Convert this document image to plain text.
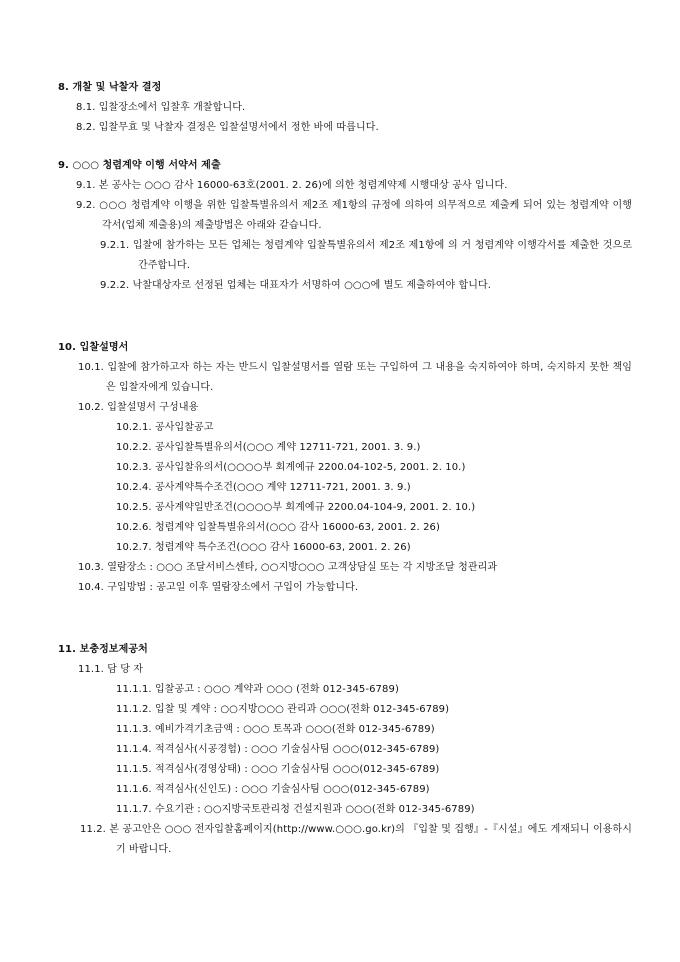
8. 개찰 및 낙찰자 결정

8.1. 입찰장소에서 입찰후 개찰합니다.

8.2. 입찰무효 및 낙찰자 결정은 입찰설명서에서 정한 바에 따릅니다.

9. ○○○ 청렴계약 이행 서약서 제출

9.1. 본 공사는 ○○○ 감사 16000-63호(2001. 2. 26)에 의한 청렴계약제 시행대상 공사 입니다.

9.2. ○○○ 청렴계약 이행을 위한 입찰특별유의서 제2조 제1항의 규정에 의하여 의무적으로 제출케 되어 있는 청렴계약 이행각서(업체 제출용)의 제출방법은 아래와 같습니다.

9.2.1. 입찰에 참가하는 모든 업체는 청렴계약 입찰특별유의서 제2조 제1항에 의 거 청렴계약 이행각서를 제출한 것으로 간주합니다.

9.2.2. 낙찰대상자로 선정된 업체는 대표자가 서명하여 ○○○에 별도 제출하여야 합니다.

10. 입찰설명서

10.1. 입찰에 참가하고자 하는 자는 반드시 입찰설명서를 열람 또는 구입하여 그 내용을 숙지하여야 하며, 숙지하지 못한 책임은 입찰자에게 있습니다.

10.2. 입찰설명서 구성내용

10.2.1. 공사입찰공고

10.2.2. 공사입찰특별유의서(○○○ 계약 12711-721, 2001. 3. 9.)

10.2.3. 공사입찰유의서(○○○○부 회계예규 2200.04-102-5, 2001. 2. 10.)

10.2.4. 공사계약특수조건(○○○ 계약 12711-721, 2001. 3. 9.)

10.2.5. 공사계약일반조건(○○○○부 회계예규 2200.04-104-9, 2001. 2. 10.)

10.2.6. 청렴계약 입찰특별유의서(○○○ 감사 16000-63, 2001. 2. 26)

10.2.7. 청렴계약 특수조건(○○○ 감사 16000-63, 2001. 2. 26)

10.3. 열람장소 : ○○○ 조달서비스센타, ○○지방○○○ 고객상담실 또는 각 지방조달 청관리과

10.4. 구입방법 : 공고일 이후 열람장소에서 구입이 가능합니다.

11. 보충정보제공처

11.1. 담 당 자

11.1.1. 입찰공고 : ○○○ 계약과 ○○○ (전화 012-345-6789)

11.1.2. 입찰 및 계약 : ○○지방○○○ 관리과 ○○○(전화 012-345-6789)

11.1.3. 예비가격기초금액 : ○○○ 토목과 ○○○(전화 012-345-6789)

11.1.4. 적격심사(시공경험) : ○○○ 기술심사팀 ○○○(012-345-6789)

11.1.5. 적격심사(경영상태) : ○○○ 기술심사팀 ○○○(012-345-6789)

11.1.6. 적격심사(신인도) : ○○○ 기술심사팀 ○○○(012-345-6789)

11.1.7. 수요기관 : ○○지방국토관리청 건설지원과 ○○○(전화 012-345-6789)

11.2. 본 공고안은 ○○○ 전자입찰홈페이지(http://www.○○○.go.kr)의 『입찰 및 집행』-『시설』에도 게재되니 이용하시기 바랍니다.
